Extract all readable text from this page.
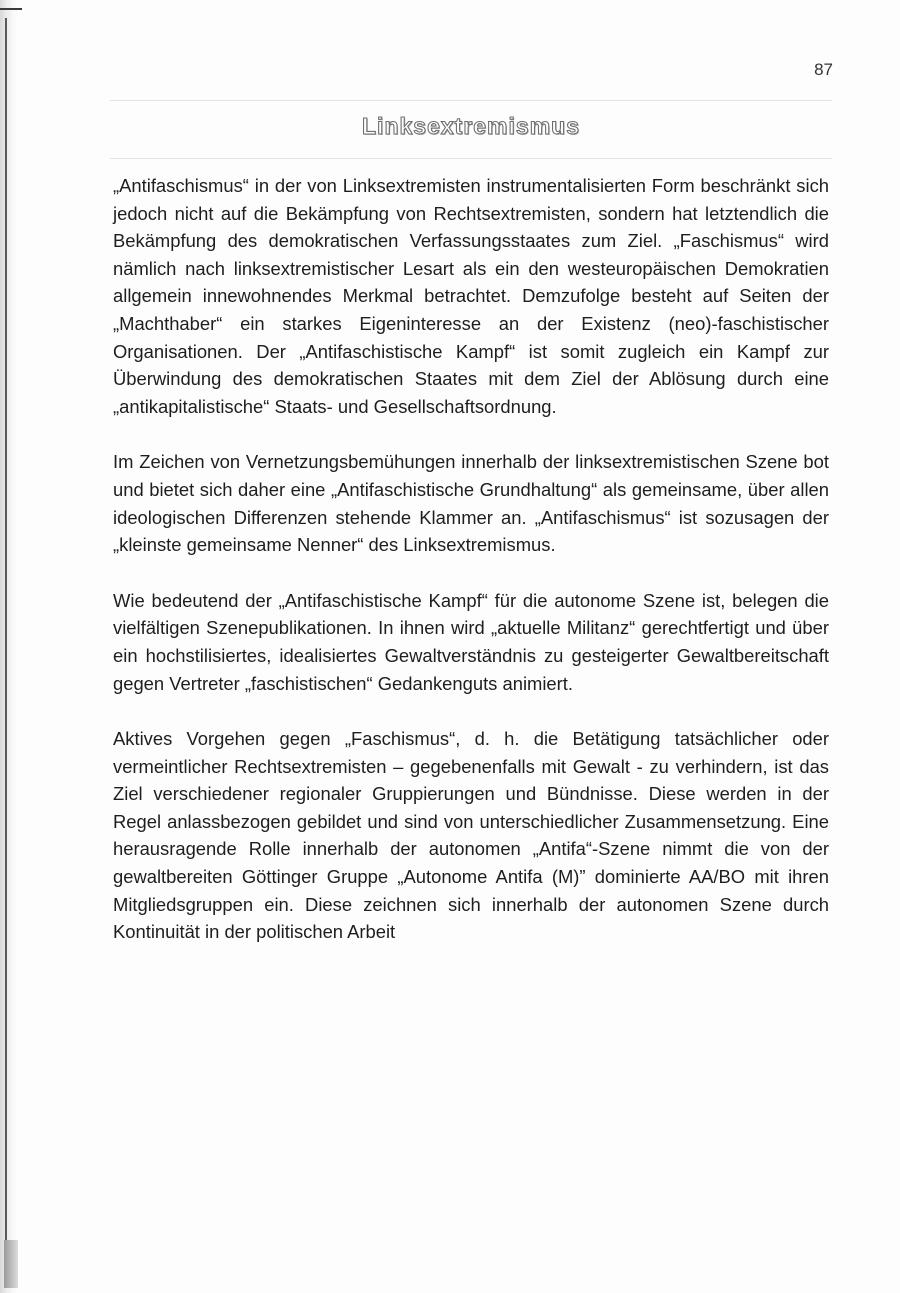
87
Linksextremismus

„Antifaschismus“ in der von Linksextremisten instrumentalisierten Form beschränkt sich jedoch nicht auf die Bekämpfung von Rechtsextremisten, sondern hat letztendlich die Bekämpfung des demokratischen Verfassungsstaates zum Ziel. „Faschismus“ wird nämlich nach linksextremistischer Lesart als ein den westeuropäischen Demokratien allgemein innewohnendes Merkmal betrachtet. Demzufolge besteht auf Seiten der „Machthaber“ ein starkes Eigeninteresse an der Existenz (neo)-faschistischer Organisationen. Der „Antifaschistische Kampf“ ist somit zugleich ein Kampf zur Überwindung des demokratischen Staates mit dem Ziel der Ablösung durch eine „antikapitalistische“ Staats- und Gesellschaftsordnung.

Im Zeichen von Vernetzungsbemühungen innerhalb der linksextremistischen Szene bot und bietet sich daher eine „Antifaschistische Grundhaltung“ als gemeinsame, über allen ideologischen Differenzen stehende Klammer an. „Antifaschismus“ ist sozusagen der „kleinste gemeinsame Nenner“ des Linksextremismus.

Wie bedeutend der „Antifaschistische Kampf“ für die autonome Szene ist, belegen die vielfältigen Szenepublikationen. In ihnen wird „aktuelle Militanz“ gerechtfertigt und über ein hochstilisiertes, idealisiertes Gewaltverständnis zu gesteigerter Gewaltbereitschaft gegen Vertreter „faschistischen“ Gedankenguts animiert.

Aktives Vorgehen gegen „Faschismus“, d. h. die Betätigung tatsächlicher oder vermeintlicher Rechtsextremisten – gegebenenfalls mit Gewalt - zu verhindern, ist das Ziel verschiedener regionaler Gruppierungen und Bündnisse. Diese werden in der Regel anlassbezogen gebildet und sind von unterschiedlicher Zusammensetzung. Eine herausragende Rolle innerhalb der autonomen „Antifa“-Szene nimmt die von der gewaltbereiten Göttinger Gruppe „Autonome Antifa (M)” dominierte AA/BO mit ihren Mitgliedsgruppen ein. Diese zeichnen sich innerhalb der autonomen Szene durch Kontinuität in der politischen Arbeit
